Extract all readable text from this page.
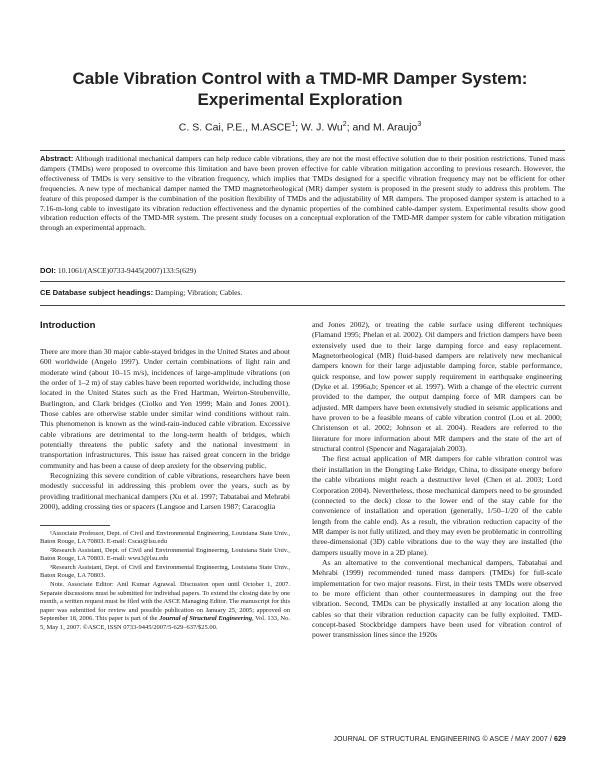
Cable Vibration Control with a TMD-MR Damper System:
Experimental Exploration
C. S. Cai, P.E., M.ASCE$^1$; W. J. Wu$^2$; and M. Araujo$^3$
Abstract: Although traditional mechanical dampers can help reduce cable vibrations, they are not the most effective solution due to their position restrictions. Tuned mass dampers (TMDs) were proposed to overcome this limitation and have been proven effective for cable vibration mitigation according to previous research. However, the effectiveness of TMDs is very sensitive to the vibration frequency, which implies that TMDs designed for a specific vibration frequency may not be efficient for other frequencies. A new type of mechanical damper named the TMD magnetorheological (MR) damper system is proposed in the present study to address this problem. The feature of this proposed damper is the combination of the position flexibility of TMDs and the adjustability of MR dampers. The proposed damper system is attached to a 7.16-m-long cable to investigate its vibration reduction effectiveness and the dynamic properties of the combined cable-damper system. Experimental results show good vibration reduction effects of the TMD-MR system. The present study focuses on a conceptual exploration of the TMD-MR damper system for cable vibration mitigation through an experimental approach.
DOI: 10.1061/(ASCE)0733-9445(2007)133:5(629)
CE Database subject headings: Damping; Vibration; Cables.
Introduction

There are more than 30 major cable-stayed bridges in the United States and about 600 worldwide (Angelo 1997). Under certain combinations of light rain and moderate wind (about 10–15 m/s), incidences of large-amplitude vibrations (on the order of 1–2 m) of stay cables have been reported worldwide, including those located in the United States such as the Fred Hartman, Weirton-Steubenville, Burlington, and Clark bridges (Ciolko and Yen 1999; Main and Jones 2001). Those cables are otherwise stable under similar wind conditions without rain. This phenomenon is known as the wind-rain-induced cable vibration. Excessive cable vibrations are detrimental to the long-term health of bridges, which potentially threatens the public safety and the national investment in transportation infrastructures. This issue has raised great concern in the bridge community and has been a cause of deep anxiety for the observing public.

Recognizing this severe condition of cable vibrations, researchers have been modestly successful in addressing this problem over the years, such as by providing traditional mechanical dampers (Xu et al. 1997; Tabatabai and Mehrabi 2000), adding crossing ties or spacers (Langsoe and Larsen 1987; Caracoglia

¹Associate Professor, Dept. of Civil and Environmental Engineering, Louisiana State Univ., Baton Rouge, LA 70803. E-mail: Cscai@lsu.edu

²Research Assistant, Dept. of Civil and Environmental Engineering, Louisiana State Univ., Baton Rouge, LA 70803. E-mail: wwu3@lsu.edu

³Research Assistant, Dept. of Civil and Environmental Engineering, Louisiana State Univ., Baton Rouge, LA 70803.

Note. Associate Editor: Anil Kumar Agrawal. Discussion open until October 1, 2007. Separate discussions must be submitted for individual papers. To extend the closing date by one month, a written request must be filed with the ASCE Managing Editor. The manuscript for this paper was submitted for review and possible publication on January 25, 2005; approved on September 18, 2006. This paper is part of the Journal of Structural Engineering, Vol. 133, No. 5, May 1, 2007. ©ASCE, ISSN 0733-9445/2007/5-629–637/$25.00.

and Jones 2002), or treating the cable surface using different techniques (Flamand 1995; Phelan et al. 2002). Oil dampers and friction dampers have been extensively used due to their large damping force and easy replacement. Magnetorheological (MR) fluid-based dampers are relatively new mechanical dampers known for their large adjustable damping force, stable performance, quick response, and low power supply requirement in earthquake engineering (Dyke et al. 1996a,b; Spencer et al. 1997). With a change of the electric current provided to the damper, the output damping force of MR dampers can be adjusted. MR dampers have been extensively studied in seismic applications and have proven to be a feasible means of cable vibration control (Lou et al. 2000; Christenson et al. 2002; Johnson et al. 2004). Readers are referred to the literature for more information about MR dampers and the state of the art of structural control (Spencer and Nagarajaiah 2003).

The first actual application of MR dampers for cable vibration control was their installation in the Dongting Lake Bridge, China, to dissipate energy before the cable vibrations might reach a destructive level (Chen et al. 2003; Lord Corporation 2004). Nevertheless, those mechanical dampers need to be grounded (connected to the deck) close to the lower end of the stay cable for the convenience of installation and operation (generally, 1/50–1/20 of the cable length from the cable end). As a result, the vibration reduction capacity of the MR damper is not fully utilized, and they may even be problematic in controlling three-dimensional (3D) cable vibrations due to the way they are installed (the dampers usually move in a 2D plane).

As an alternative to the conventional mechanical dampers, Tabatabai and Mehrabi (1999) recommended tuned mass dampers (TMDs) for full-scale implementation for two major reasons. First, in their tests TMDs were observed to be more efficient than other countermeasures in damping out the free vibration. Second, TMDs can be physically installed at any location along the cables so that their vibration reduction capacity can be fully exploited. TMD-concept-based Stockbridge dampers have been used for vibration control of power transmission lines since the 1920s

JOURNAL OF STRUCTURAL ENGINEERING © ASCE / MAY 2007 / 629
